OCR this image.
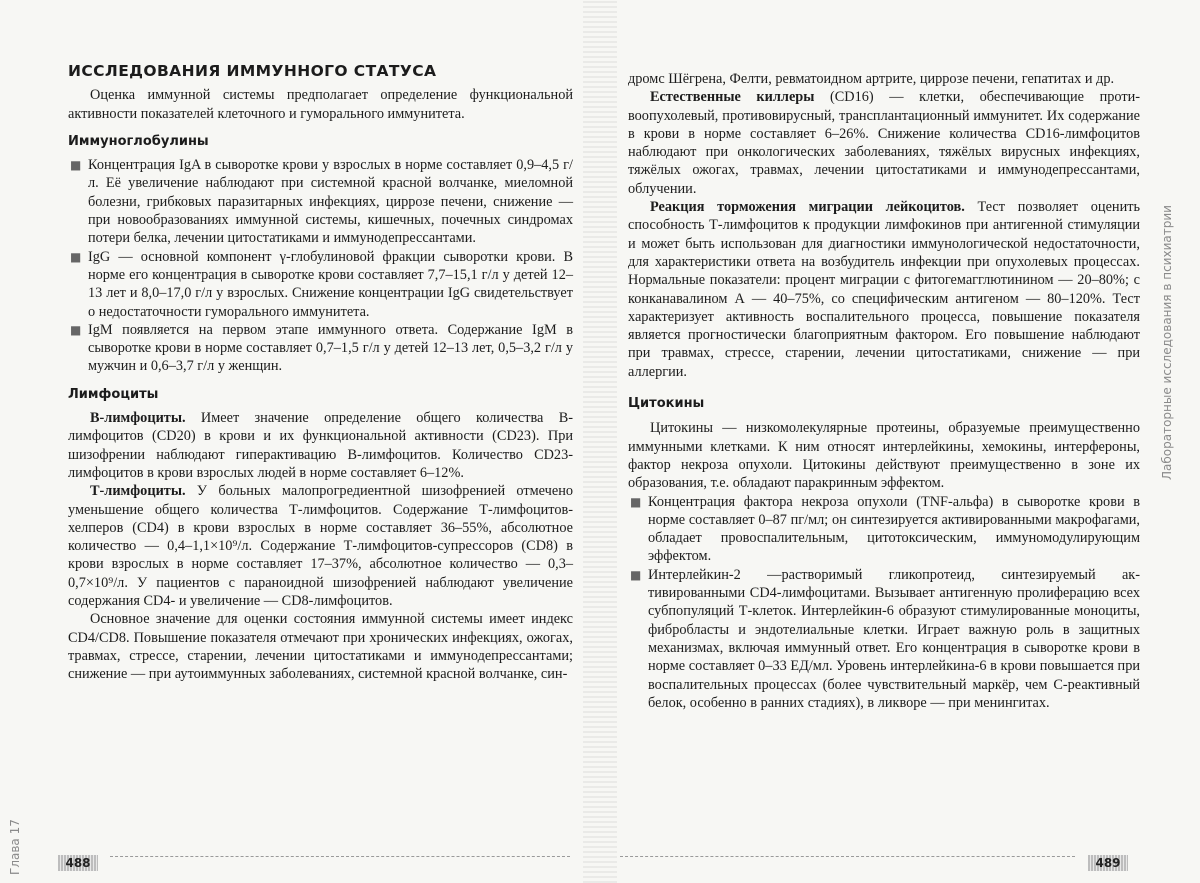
ИССЛЕДОВАНИЯ ИММУННОГО СТАТУСА

Оценка иммунной системы предполагает определение функциональной активности показателей клеточного и гуморального иммунитета.

Иммуноглобулины
■ Концентрация IgA в сыворотке крови у взрослых в норме составляет 0,9–4,5 г/л. Её увеличение наблюдают при системной красной волчанке, миеломной болезни, грибковых паразитарных инфекциях, циррозе печени, снижение — при новообразованиях иммунной системы, кишечных, почечных синдромах потери белка, лечении цитостатиками и иммунодепрессантами.
■ IgG — основной компонент γ-глобулиновой фракции сыворотки крови. В норме его концентрация в сыворотке крови составляет 7,7–15,1 г/л у детей 12–13 лет и 8,0–17,0 г/л у взрослых. Снижение концентрации IgG свидетельствует о недостаточности гуморального иммунитета.
■ IgM появляется на первом этапе иммунного ответа. Содержание IgM в сыворотке крови в норме составляет 0,7–1,5 г/л у детей 12–13 лет, 0,5–3,2 г/л у мужчин и 0,6–3,7 г/л у женщин.
Лимфоциты

В-лимфоциты. Имеет значение определение общего количества В-лимфоцитов (CD20) в крови и их функциональной активности (CD23). При шизофрении наблюдают гиперактивацию В-лимфоцитов. Количество CD23-лимфоцитов в крови взрослых людей в норме составляет 6–12%.

Т-лимфоциты. У больных малопрогредиентной шизофренией отмечено уменьшение общего количества Т-лимфоцитов. Содержание Т-лимфоцитов-хелперов (CD4) в крови взрослых в норме составляет 36–55%, абсолютное количество — 0,4–1,1×10⁹/л. Содержание Т-лимфоцитов-супрессоров (CD8) в крови взрослых в норме составляет 17–37%, абсолютное количество — 0,3–0,7×10⁹/л. У пациентов с параноидной шизофренией наблюдают увеличение содержания CD4- и увеличение — CD8-лимфоцитов.

Основное значение для оценки состояния иммунной системы имеет индекс CD4/CD8. Повышение показателя отмечают при хронических инфекциях, ожогах, травмах, стрессе, старении, лечении цитостатиками и иммунодепрессантами; снижение — при аутоиммунных заболеваниях, системной красной волчанке, син-

488
Глава 17

дромс Шёгрена, Фелти, ревматоидном артрите, циррозе печени, гепатитах и др.

Естественные киллеры (CD16) — клетки, обеспечивающие противоопухолевый, противовирусный, трансплантационный иммунитет. Их содержание в крови в норме составляет 6–26%. Снижение количества CD16-лимфоцитов наблюдают при онкологических заболеваниях, тяжёлых вирусных инфекциях, тяжёлых ожогах, травмах, лечении цитостатиками и иммунодепрессантами, облучении.

Реакция торможения миграции лейкоцитов. Тест позволяет оценить способность Т-лимфоцитов к продукции лимфокинов при антигенной стимуляции и может быть использован для диагностики иммунологической недостаточности, для характеристики ответа на возбудитель инфекции при опухолевых процессах. Нормальные показатели: процент миграции с фитогемагглютинином — 20–80%; с конканавалином А — 40–75%, со специфическим антигеном — 80–120%. Тест характеризует активность воспалительного процесса, повышение показателя является прогностически благоприятным фактором. Его повышение наблюдают при травмах, стрессе, старении, лечении цитостатиками, снижение — при аллергии.

Цитокины

Цитокины — низкомолекулярные протеины, образуемые преимущественно иммунными клетками. К ним относят интерлейкины, хемокины, интерфероны, фактор некроза опухоли. Цитокины действуют преимущественно в зоне их образования, т.е. обладают паракринным эффектом.

■ Концентрация фактора некроза опухоли (TNF-альфа) в сыворотке крови в норме составляет 0–87 пг/мл; он синтезируется активированными макрофагами, обладает провоспалительным, цитотоксическим, иммуномодулирующим эффектом.
■ Интерлейкин-2 —растворимый гликопротеид, синтезируемый активированными CD4-лимфоцитами. Вызывает антигенную пролиферацию всех субпопуляций Т-клеток. Интерлейкин-6 образуют стимулированные моноциты, фибробласты и эндотелиальные клетки. Играет важную роль в защитных механизмах, включая иммунный ответ. Его концентрация в сыворотке крови в норме составляет 0–33 ЕД/мл. Уровень интерлейкина-6 в крови повышается при воспалительных процессах (более чувствительный маркёр, чем С-реактивный белок, особенно в ранних стадиях), в ликворе — при менингитах.
489
Лабораторные исследования в психиатрии
